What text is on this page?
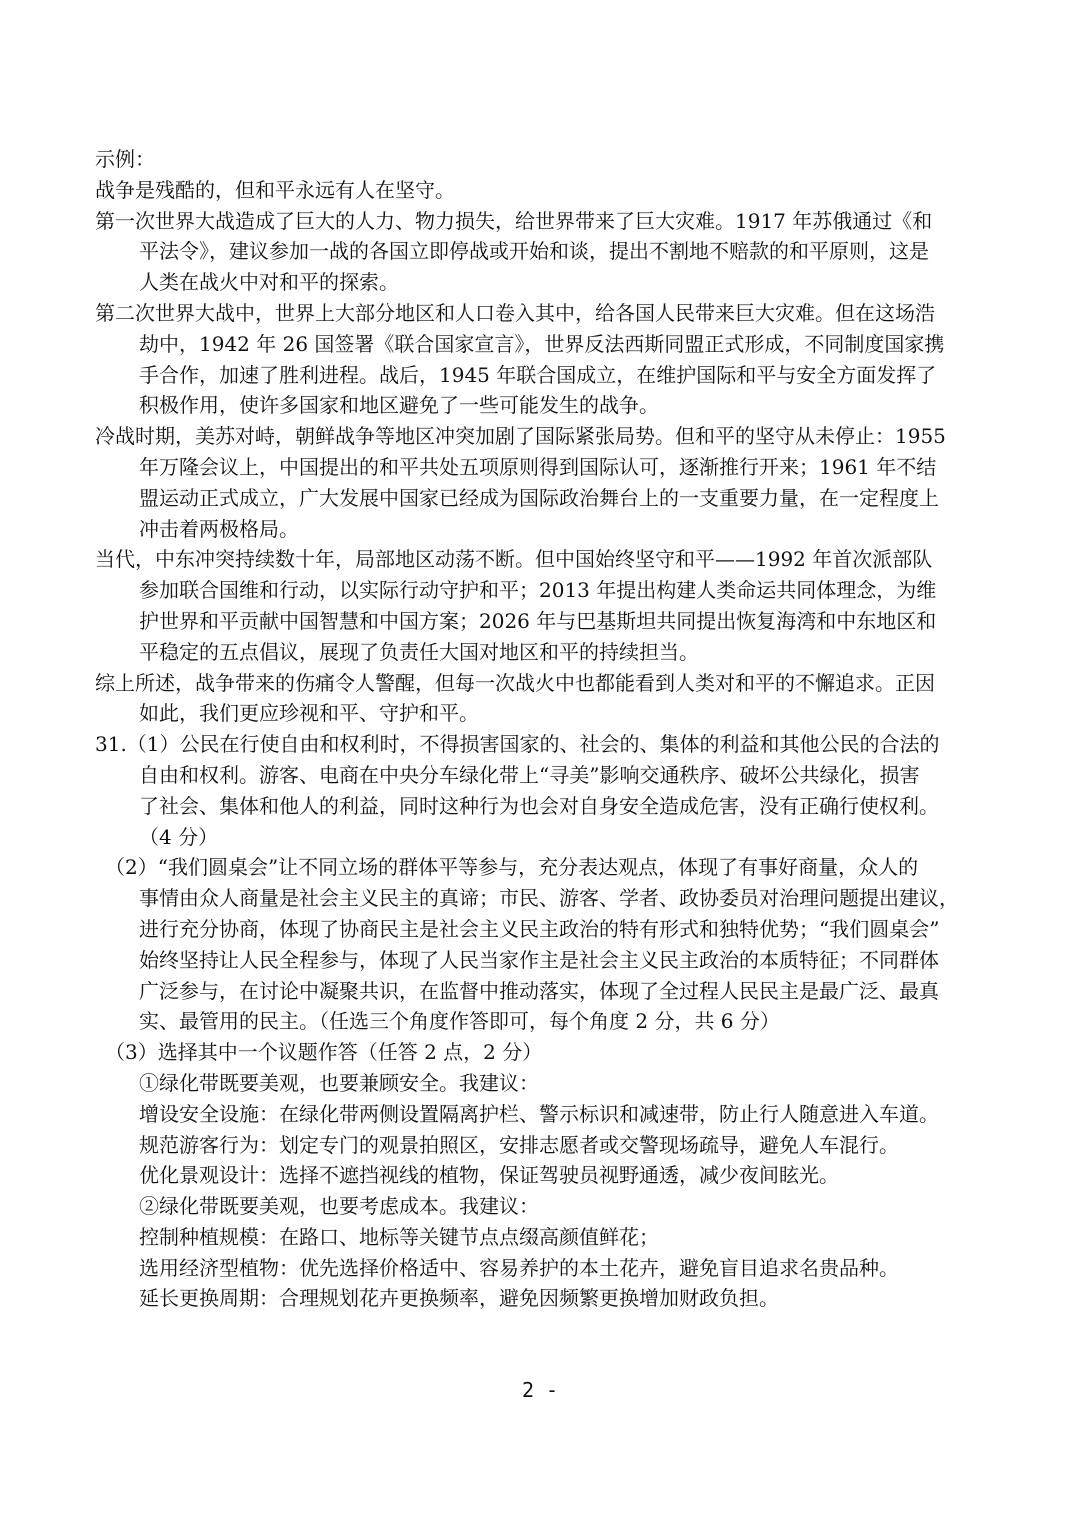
示例：
战争是残酷的，但和平永远有人在坚守。
第一次世界大战造成了巨大的人力、物力损失，给世界带来了巨大灾难。1917 年苏俄通过《和
平法令》，建议参加一战的各国立即停战或开始和谈，提出不割地不赔款的和平原则，这是
人类在战火中对和平的探索。
第二次世界大战中，世界上大部分地区和人口卷入其中，给各国人民带来巨大灾难。但在这场浩
劫中，1942 年 26 国签署《联合国家宣言》，世界反法西斯同盟正式形成，不同制度国家携
手合作，加速了胜利进程。战后，1945 年联合国成立，在维护国际和平与安全方面发挥了
积极作用，使许多国家和地区避免了一些可能发生的战争。
冷战时期，美苏对峙，朝鲜战争等地区冲突加剧了国际紧张局势。但和平的坚守从未停止：1955
年万隆会议上，中国提出的和平共处五项原则得到国际认可，逐渐推行开来；1961 年不结
盟运动正式成立，广大发展中国家已经成为国际政治舞台上的一支重要力量，在一定程度上
冲击着两极格局。
当代，中东冲突持续数十年，局部地区动荡不断。但中国始终坚守和平——1992 年首次派部队
参加联合国维和行动，以实际行动守护和平；2013 年提出构建人类命运共同体理念，为维
护世界和平贡献中国智慧和中国方案；2026 年与巴基斯坦共同提出恢复海湾和中东地区和
平稳定的五点倡议，展现了负责任大国对地区和平的持续担当。
综上所述，战争带来的伤痛令人警醒，但每一次战火中也都能看到人类对和平的不懈追求。正因
如此，我们更应珍视和平、守护和平。
31.（1）公民在行使自由和权利时，不得损害国家的、社会的、集体的利益和其他公民的合法的
自由和权利。游客、电商在中央分车绿化带上“寻美”影响交通秩序、破坏公共绿化，损害
了社会、集体和他人的利益，同时这种行为也会对自身安全造成危害，没有正确行使权利。
（4 分）
（2）“我们圆桌会”让不同立场的群体平等参与，充分表达观点，体现了有事好商量，众人的
事情由众人商量是社会主义民主的真谛；市民、游客、学者、政协委员对治理问题提出建议，
进行充分协商，体现了协商民主是社会主义民主政治的特有形式和独特优势；“我们圆桌会”
始终坚持让人民全程参与，体现了人民当家作主是社会主义民主政治的本质特征；不同群体
广泛参与，在讨论中凝聚共识，在监督中推动落实，体现了全过程人民民主是最广泛、最真
实、最管用的民主。（任选三个角度作答即可，每个角度 2 分，共 6 分）
（3）选择其中一个议题作答（任答 2 点，2 分）
①绿化带既要美观，也要兼顾安全。我建议：
增设安全设施：在绿化带两侧设置隔离护栏、警示标识和减速带，防止行人随意进入车道。
规范游客行为：划定专门的观景拍照区，安排志愿者或交警现场疏导，避免人车混行。
优化景观设计：选择不遮挡视线的植物，保证驾驶员视野通透，减少夜间眩光。
②绿化带既要美观，也要考虑成本。我建议：
控制种植规模：在路口、地标等关键节点点缀高颜值鲜花；
选用经济型植物：优先选择价格适中、容易养护的本土花卉，避免盲目追求名贵品种。
延长更换周期：合理规划花卉更换频率，避免因频繁更换增加财政负担。
2 -
